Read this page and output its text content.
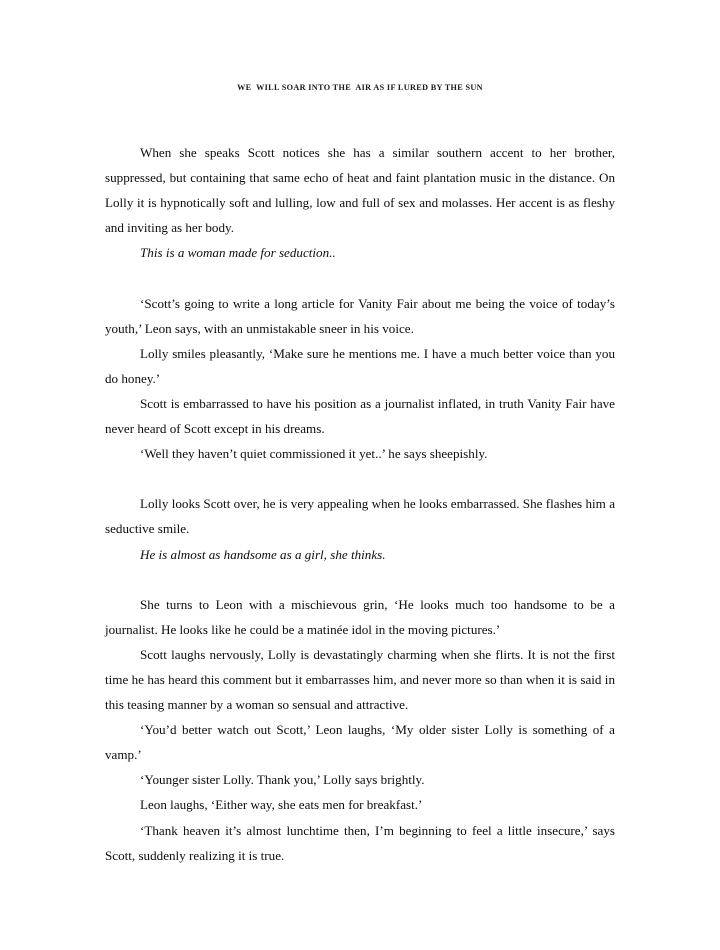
WE  WILL SOAR INTO THE  AIR AS IF LURED BY THE SUN

When she speaks Scott notices she has a similar southern accent to her brother, suppressed, but containing that same echo of heat and faint plantation music in the distance. On Lolly it is hypnotically soft and lulling, low and full of sex and molasses. Her accent is as fleshy and inviting as her body.

This is a woman made for seduction..

‘Scott’s going to write a long article for Vanity Fair about me being the voice of today’s youth,’ Leon says, with an unmistakable sneer in his voice.

Lolly smiles pleasantly, ‘Make sure he mentions me. I have a much better voice than you do honey.’

Scott is embarrassed to have his position as a journalist inflated, in truth Vanity Fair have never heard of Scott except in his dreams.

‘Well they haven’t quiet commissioned it yet..’ he says sheepishly.

Lolly looks Scott over, he is very appealing when he looks embarrassed. She flashes him a seductive smile.

He is almost as handsome as a girl, she thinks.

She turns to Leon with a mischievous grin, ‘He looks much too handsome to be a journalist. He looks like he could be a matinée idol in the moving pictures.’

Scott laughs nervously, Lolly is devastatingly charming when she flirts. It is not the first time he has heard this comment but it embarrasses him, and never more so than when it is said in this teasing manner by a woman so sensual and attractive.

‘You’d better watch out Scott,’ Leon laughs, ‘My older sister Lolly is something of a vamp.’

‘Younger sister Lolly. Thank you,’ Lolly says brightly.

Leon laughs, ‘Either way, she eats men for breakfast.’

‘Thank heaven it’s almost lunchtime then, I’m beginning to feel a little insecure,’ says Scott, suddenly realizing it is true.
